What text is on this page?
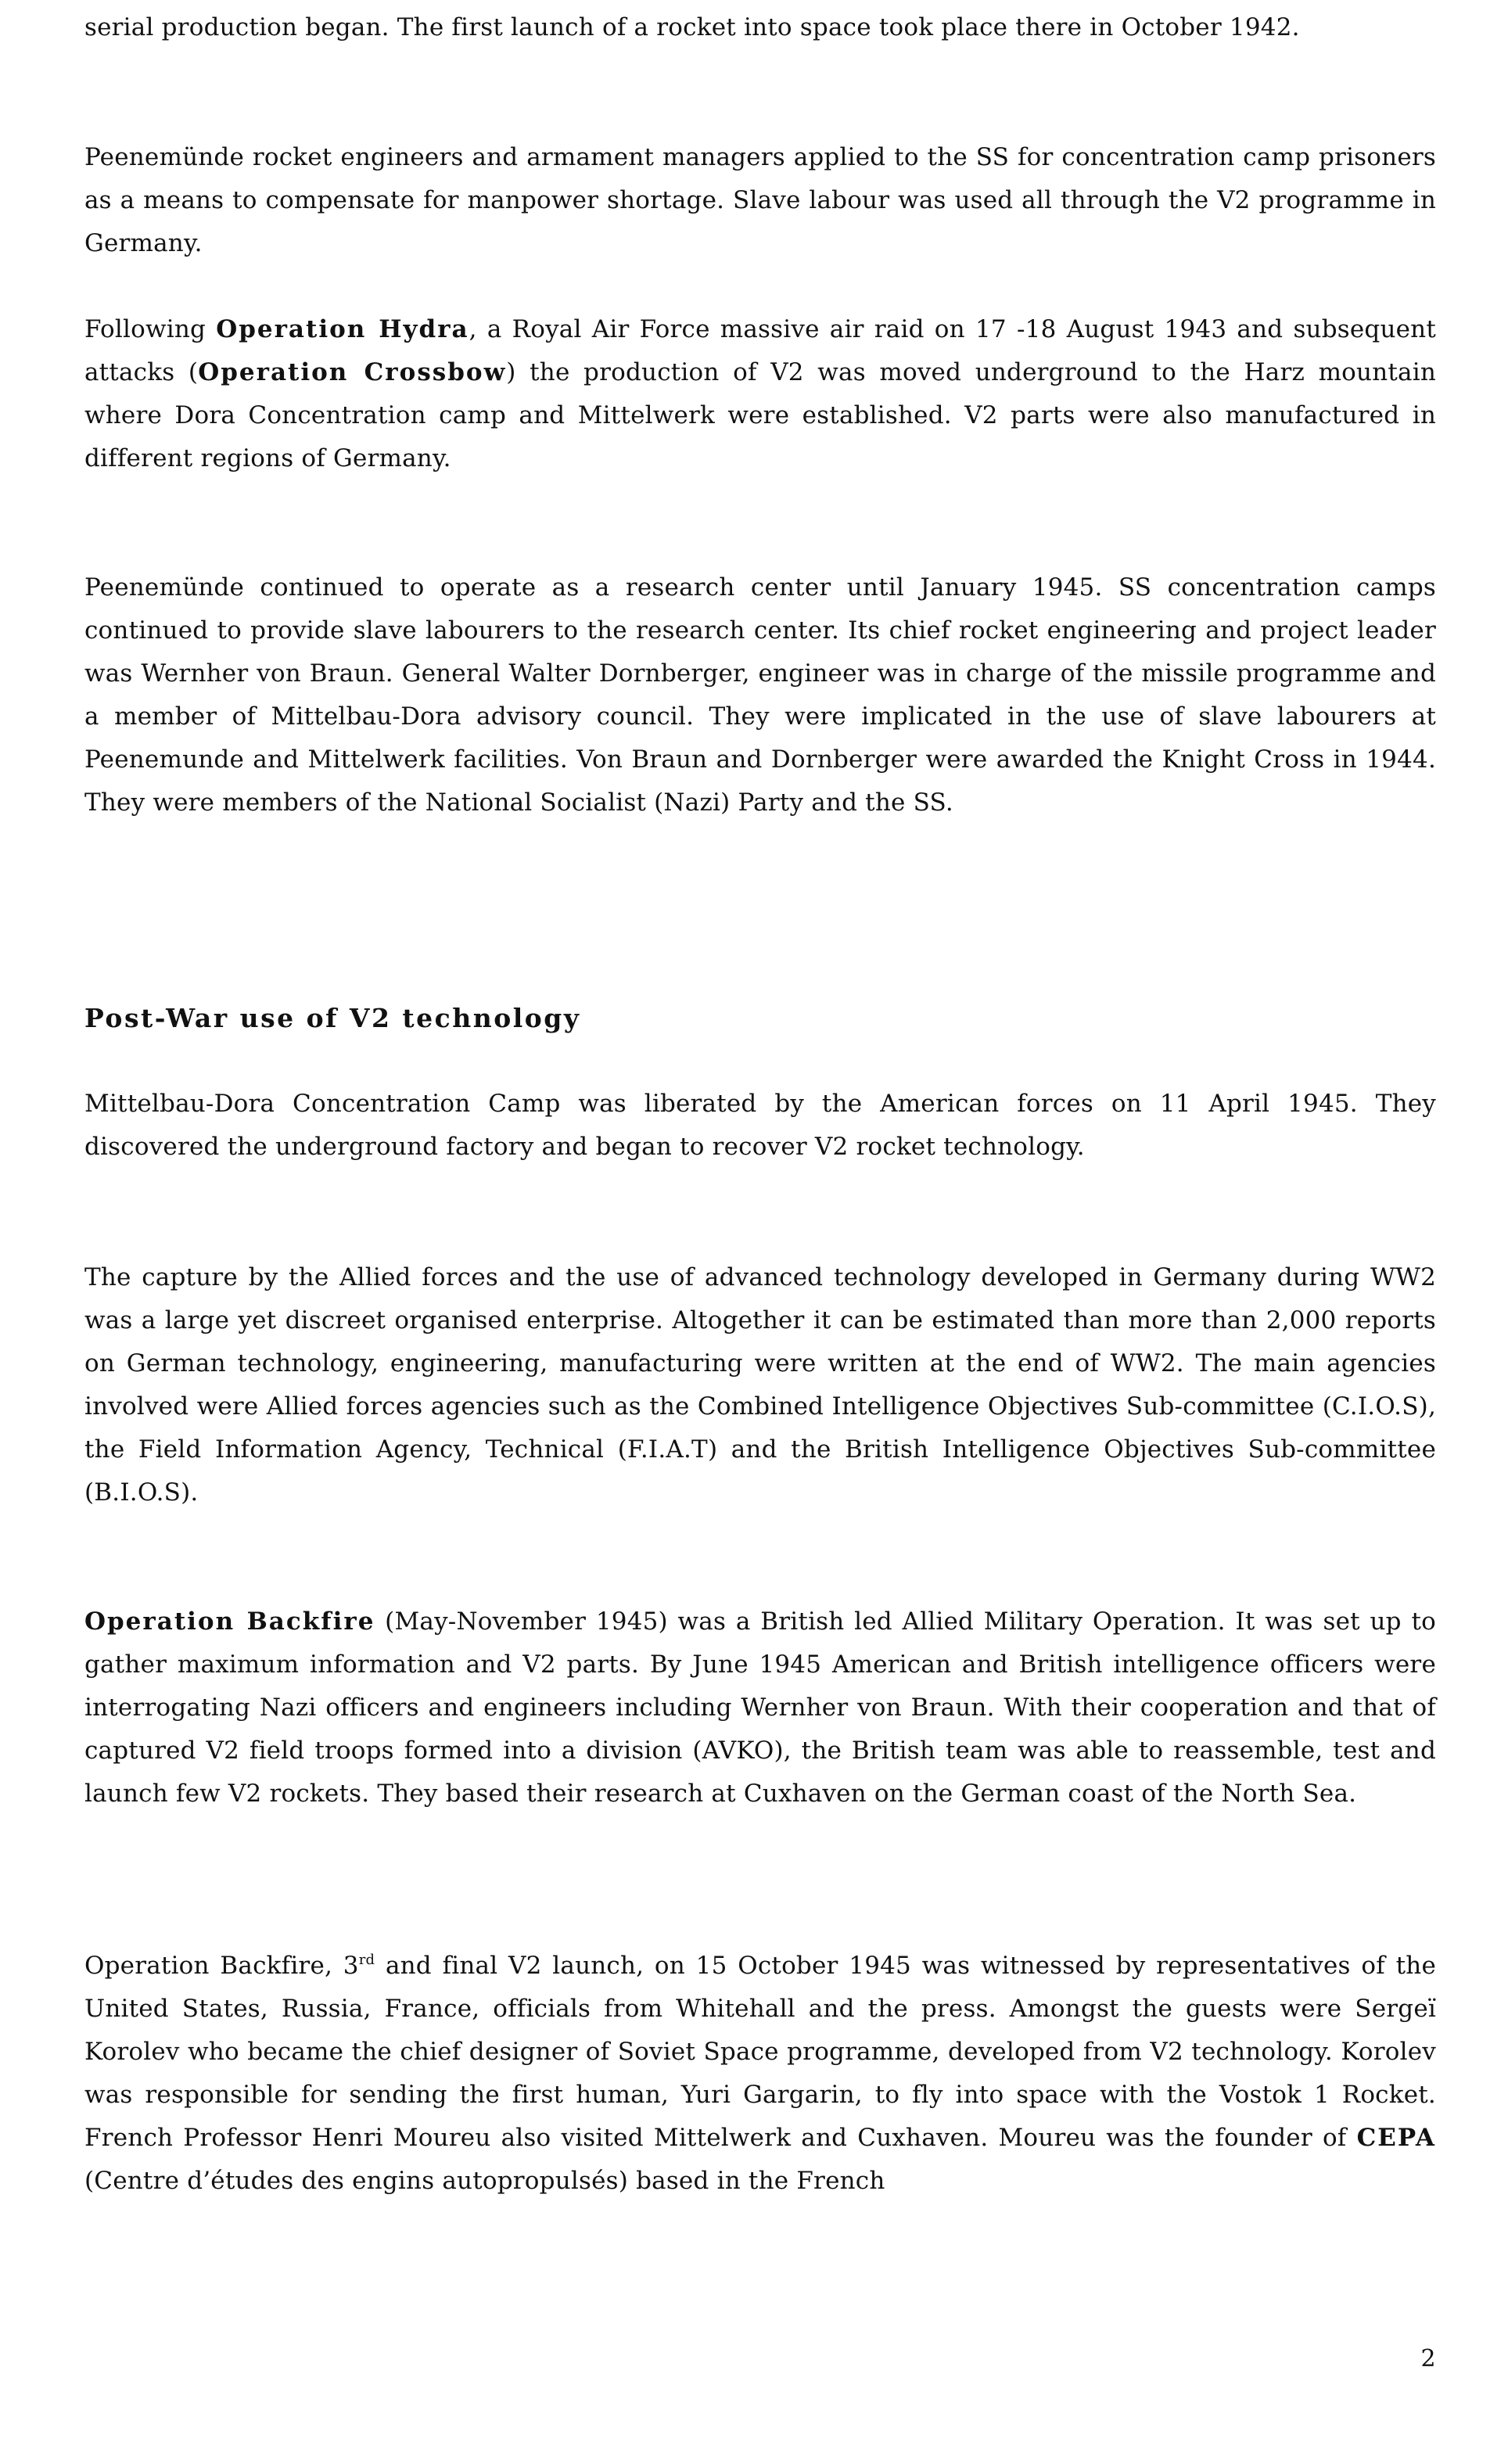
serial production began. The first launch of a rocket into space took place there in October 1942.

Peenemünde rocket engineers and armament managers applied to the SS for concentration camp prisoners as a means to compensate for manpower shortage. Slave labour was used all through the V2 programme in Germany.

Following Operation Hydra, a Royal Air Force massive air raid on 17 -18 August 1943 and subsequent attacks (Operation Crossbow) the production of V2 was moved underground to the Harz mountain where Dora Concentration camp and Mittelwerk were established. V2 parts were also manufactured in different regions of Germany.

Peenemünde continued to operate as a research center until January 1945. SS concentration camps continued to provide slave labourers to the research center. Its chief rocket engineering and project leader was Wernher von Braun. General Walter Dornberger, engineer was in charge of the missile programme and a member of Mittelbau-Dora advisory council. They were implicated in the use of slave labourers at Peenemunde and Mittelwerk facilities. Von Braun and Dornberger were awarded the Knight Cross in 1944. They were members of the National Socialist (Nazi) Party and the SS.

Post-War use of V2 technology

Mittelbau-Dora Concentration Camp was liberated by the American forces on 11 April 1945. They discovered the underground factory and began to recover V2 rocket technology.

The capture by the Allied forces and the use of advanced technology developed in Germany during WW2 was a large yet discreet organised enterprise. Altogether it can be estimated than more than 2,000 reports on German technology, engineering, manufacturing were written at the end of WW2. The main agencies involved were Allied forces agencies such as the Combined Intelligence Objectives Sub-committee (C.I.O.S), the Field Information Agency, Technical (F.I.A.T) and the British Intelligence Objectives Sub-committee (B.I.O.S).

Operation Backfire (May-November 1945) was a British led Allied Military Operation. It was set up to gather maximum information and V2 parts. By June 1945 American and British intelligence officers were interrogating Nazi officers and engineers including Wernher von Braun. With their cooperation and that of captured V2 field troops formed into a division (AVKO), the British team was able to reassemble, test and launch few V2 rockets. They based their research at Cuxhaven on the German coast of the North Sea.

Operation Backfire, 3rd and final V2 launch, on 15 October 1945 was witnessed by representatives of the United States, Russia, France, officials from Whitehall and the press. Amongst the guests were Sergeï Korolev who became the chief designer of Soviet Space programme, developed from V2 technology. Korolev was responsible for sending the first human, Yuri Gargarin, to fly into space with the Vostok 1 Rocket. French Professor Henri Moureu also visited Mittelwerk and Cuxhaven. Moureu was the founder of CEPA (Centre d’études des engins autopropulsés) based in the French

2
